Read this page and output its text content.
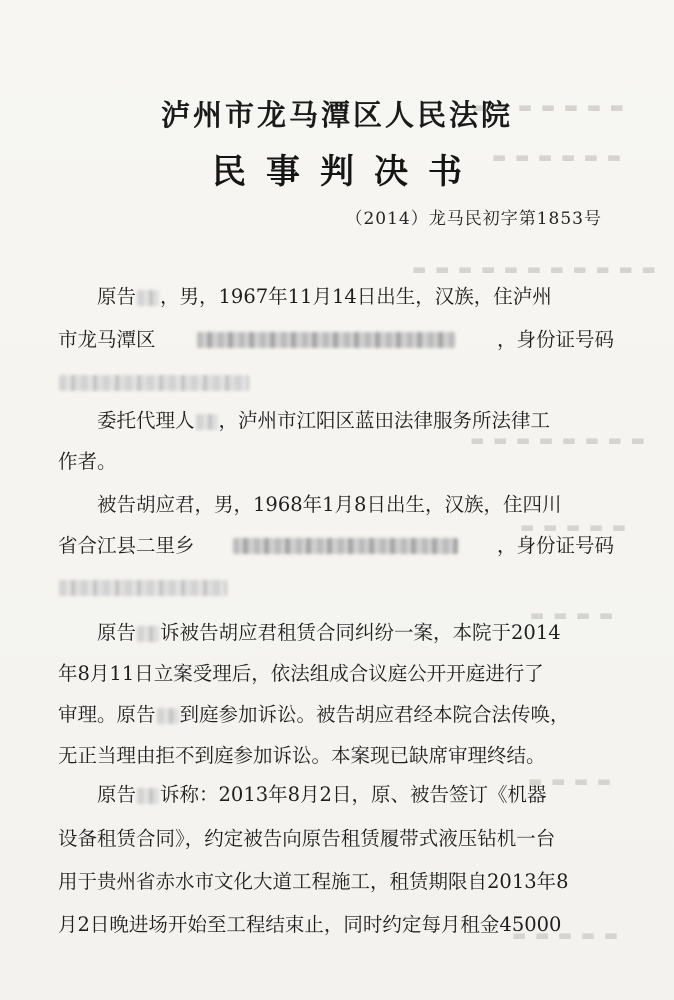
▬ ▬ ▬ ▬ ▬ ▬ ▬
▬ ▬ ▬ ▬ ▬ ▬
▬ ▬ ▬ ▬ ▬ ▬ ▬ ▬ ▬ ▬ ▬
▬ ▬ ▬ ▬ ▬ ▬ ▬ ▬
▬ ▬ ▬ ▬ ▬
▬ ▬ ▬ ▬
▬ ▬ ▬ ▬
▬ ▬ ▬ ▬ ▬
泸州市龙马潭区人民法院
民事判决书
（2014）龙马民初字第1853号
原告 ，男，1967年11月14日出生，汉族，住泸州
市龙马潭区	，身份证号码
委托代理人 ，泸州市江阳区蓝田法律服务所法律工
作者。
被告胡应君，男，1968年1月8日出生，汉族，住四川
省合江县二里乡	，身份证号码
原告 诉被告胡应君租赁合同纠纷一案，本院于2014
年8月11日立案受理后，依法组成合议庭公开开庭进行了
审理。原告 到庭参加诉讼。被告胡应君经本院合法传唤，
无正当理由拒不到庭参加诉讼。本案现已缺席审理终结。
原告 诉称：2013年8月2日，原、被告签订《机器
设备租赁合同》，约定被告向原告租赁履带式液压钻机一台
用于贵州省赤水市文化大道工程施工，租赁期限自2013年8
月2日晚进场开始至工程结束止，同时约定每月租金45000
